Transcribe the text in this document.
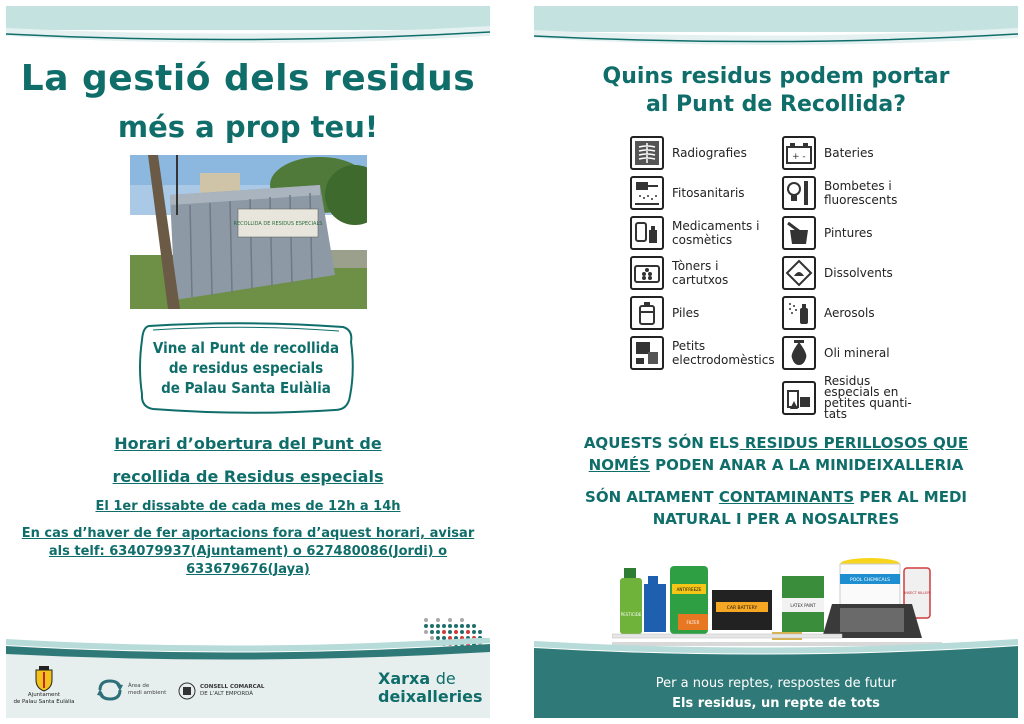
La gestió dels residus
més a prop teu!
RECOLLIDA DE RESIDUS ESPECIALS
Vine al Punt de recollida
de residus especials
de Palau Santa Eulàlia
Horari d’obertura del Punt de
recollida de Residus especials
El 1er dissabte de cada mes de 12h a 14h
En cas d’haver de fer aportacions fora d’aquest horari, avisar
als telf: 634079937(Ajuntament) o 627480086(Jordi) o
633679676(Jaya)
Ajuntament
de Palau Santa Eulàlia
Àrea de
medi ambient
CONSELL COMARCAL
DE L’ALT EMPORDÀ
Xarxa de
deixalleries
Quins residus podem portar
al Punt de Recollida?
Radiografies
Fitosanitaris
Medicaments i cosmètics
Tòners i cartutxos
Piles
Petits electrodomèstics
+ - Bateries
Bombetes i fluorescents
Pintures
Dissolvents
Aerosols
Oli mineral
Residus especials en petites quanti-tats
AQUESTS SÓN ELS RESIDUS PERILLOSOS QUE
NOMÉS PODEN ANAR A LA MINIDEIXALLERIA
SÓN ALTAMENT CONTAMINANTS PER AL MEDI
NATURAL I PER A NOSALTRES
PESTICIDE
ANTIFREEZE
CAR BATTERY
FILTER
LATEX PAINT
POOL CHEMICALS
INSECT KILLER
Per a nous reptes, respostes de futur
Els residus, un repte de tots
